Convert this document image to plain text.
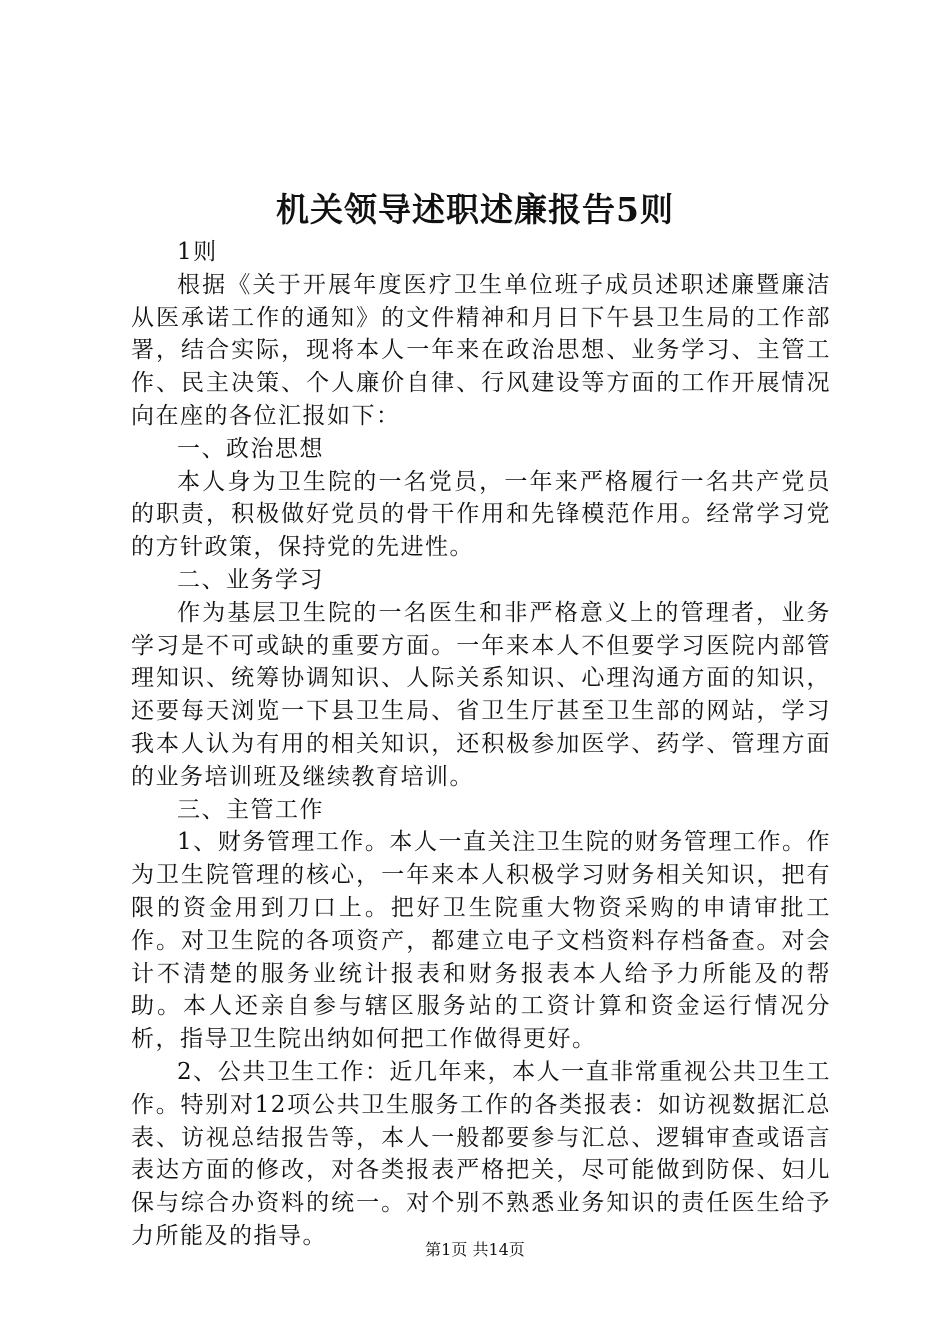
机关领导述职述廉报告5则

1则

根据《关于开展年度医疗卫生单位班子成员述职述廉暨廉洁从医承诺工作的通知》的文件精神和月日下午县卫生局的工作部署，结合实际，现将本人一年来在政治思想、业务学习、主管工作、民主决策、个人廉价自律、行风建设等方面的工作开展情况向在座的各位汇报如下：

一、政治思想

本人身为卫生院的一名党员，一年来严格履行一名共产党员的职责，积极做好党员的骨干作用和先锋模范作用。经常学习党的方针政策，保持党的先进性。

二、业务学习

作为基层卫生院的一名医生和非严格意义上的管理者，业务学习是不可或缺的重要方面。一年来本人不但要学习医院内部管理知识、统筹协调知识、人际关系知识、心理沟通方面的知识，还要每天浏览一下县卫生局、省卫生厅甚至卫生部的网站，学习我本人认为有用的相关知识，还积极参加医学、药学、管理方面的业务培训班及继续教育培训。

三、主管工作

1、财务管理工作。本人一直关注卫生院的财务管理工作。作为卫生院管理的核心，一年来本人积极学习财务相关知识，把有限的资金用到刀口上。把好卫生院重大物资采购的申请审批工作。对卫生院的各项资产，都建立电子文档资料存档备查。对会计不清楚的服务业统计报表和财务报表本人给予力所能及的帮助。本人还亲自参与辖区服务站的工资计算和资金运行情况分析，指导卫生院出纳如何把工作做得更好。

2、公共卫生工作：近几年来，本人一直非常重视公共卫生工作。特别对12项公共卫生服务工作的各类报表：如访视数据汇总表、访视总结报告等，本人一般都要参与汇总、逻辑审查或语言表达方面的修改，对各类报表严格把关，尽可能做到防保、妇儿保与综合办资料的统一。对个别不熟悉业务知识的责任医生给予力所能及的指导。

第1页 共14页
